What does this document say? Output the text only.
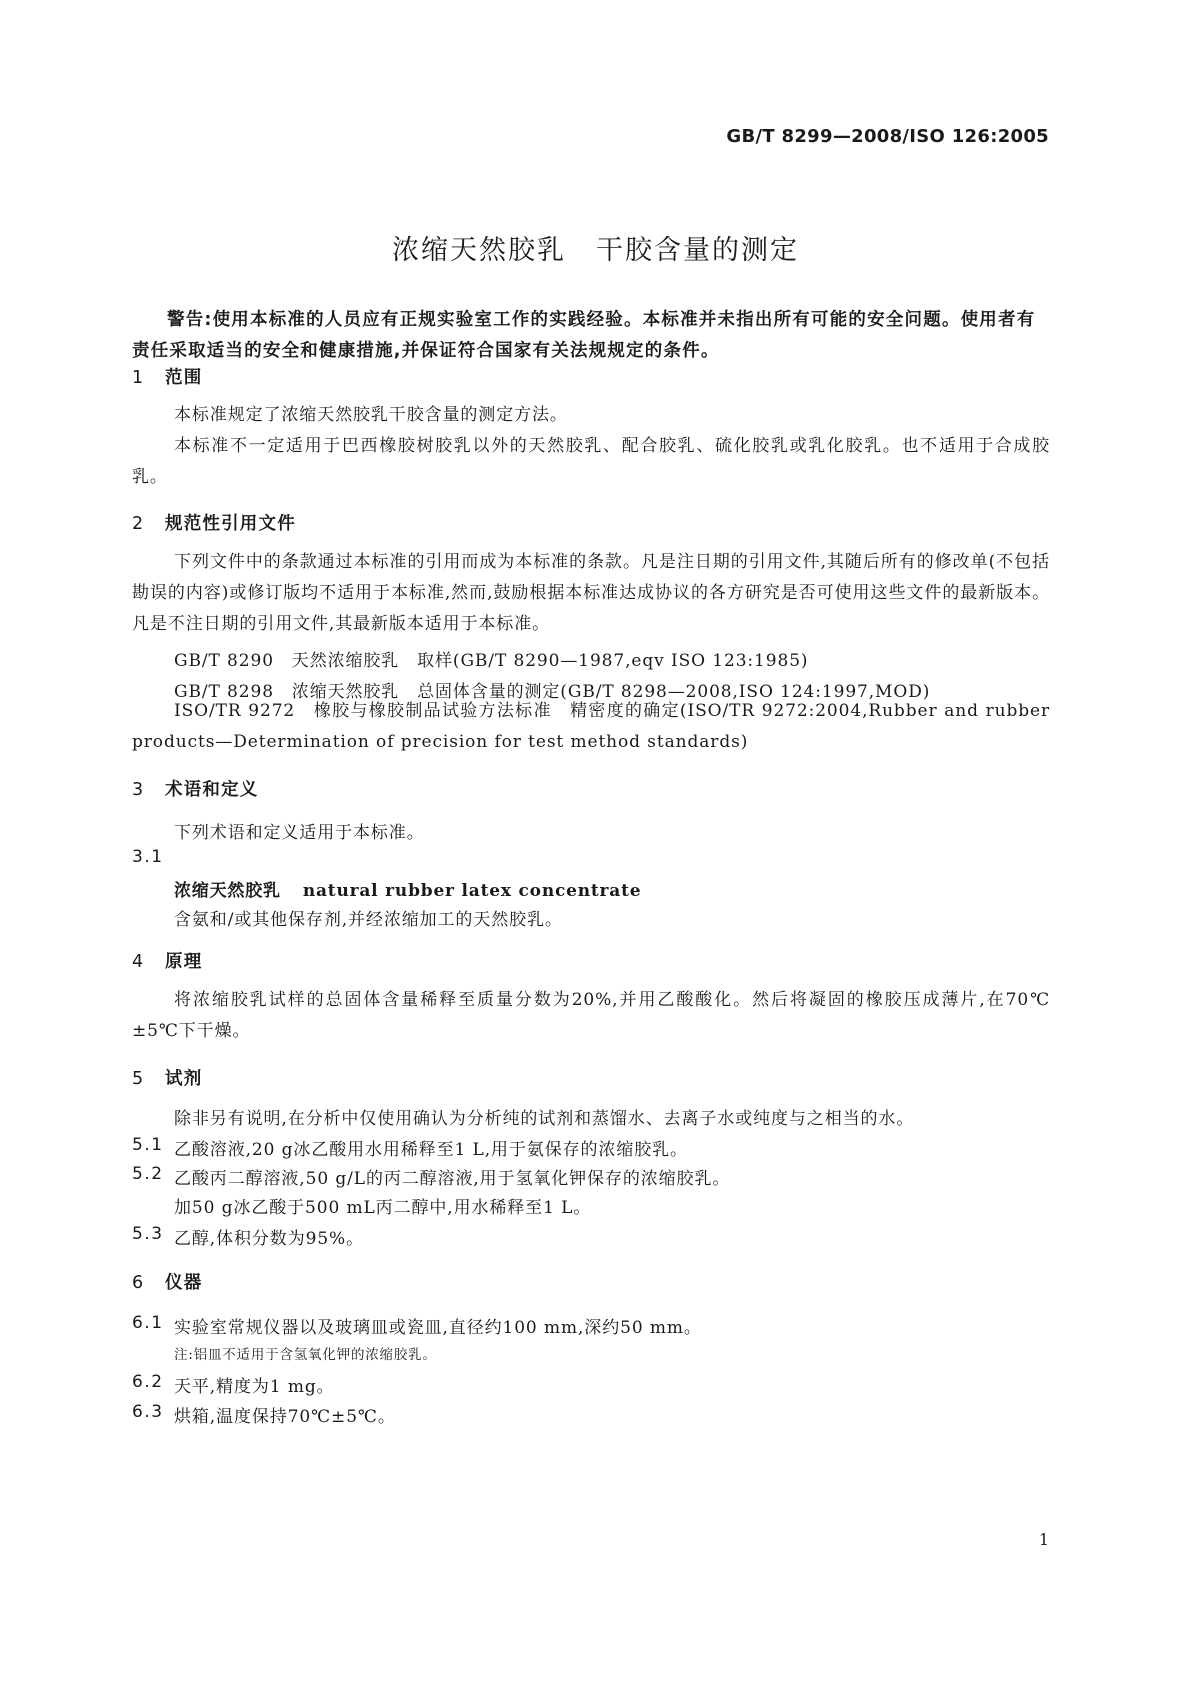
GB/T 8299—2008/ISO 126:2005
浓缩天然胶乳 干胶含量的测定
警告:使用本标准的人员应有正规实验室工作的实践经验。本标准并未指出所有可能的安全问题。使用者有责任采取适当的安全和健康措施,并保证符合国家有关法规规定的条件。
1 范围
本标准规定了浓缩天然胶乳干胶含量的测定方法。
本标准不一定适用于巴西橡胶树胶乳以外的天然胶乳、配合胶乳、硫化胶乳或乳化胶乳。也不适用于合成胶乳。
2 规范性引用文件
下列文件中的条款通过本标准的引用而成为本标准的条款。凡是注日期的引用文件,其随后所有的修改单(不包括勘误的内容)或修订版均不适用于本标准,然而,鼓励根据本标准达成协议的各方研究是否可使用这些文件的最新版本。凡是不注日期的引用文件,其最新版本适用于本标准。
GB/T 8290　天然浓缩胶乳　取样(GB/T 8290—1987,eqv ISO 123:1985)
GB/T 8298　浓缩天然胶乳　总固体含量的测定(GB/T 8298—2008,ISO 124:1997,MOD)
ISO/TR 9272　橡胶与橡胶制品试验方法标准　精密度的确定(ISO/TR 9272:2004,Rubber and rubber products—Determination of precision for test method standards)
3 术语和定义
下列术语和定义适用于本标准。
3.1
浓缩天然胶乳 natural rubber latex concentrate
含氨和/或其他保存剂,并经浓缩加工的天然胶乳。
4 原理
将浓缩胶乳试样的总固体含量稀释至质量分数为20%,并用乙酸酸化。然后将凝固的橡胶压成薄片,在70℃±5℃下干燥。
5 试剂
除非另有说明,在分析中仅使用确认为分析纯的试剂和蒸馏水、去离子水或纯度与之相当的水。
5.1 乙酸溶液,20 g冰乙酸用水用稀释至1 L,用于氨保存的浓缩胶乳。
5.2 乙酸丙二醇溶液,50 g/L的丙二醇溶液,用于氢氧化钾保存的浓缩胶乳。
加50 g冰乙酸于500 mL丙二醇中,用水稀释至1 L。
5.3 乙醇,体积分数为95%。
6 仪器
6.1 实验室常规仪器以及玻璃皿或瓷皿,直径约100 mm,深约50 mm。
注:铝皿不适用于含氢氧化钾的浓缩胶乳。
6.2 天平,精度为1 mg。
6.3 烘箱,温度保持70℃±5℃。
1
